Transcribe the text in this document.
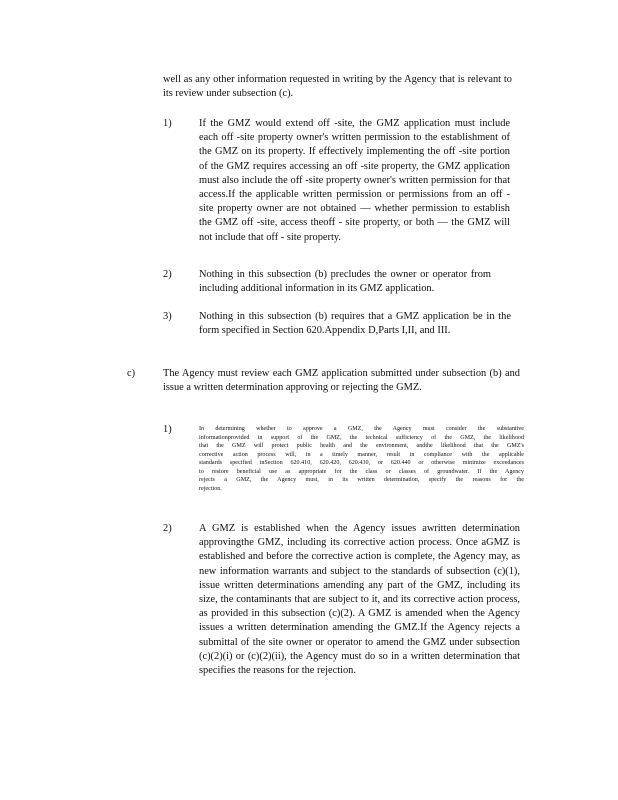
well as any other information requested in writing by the Agency that is relevant to its review under subsection (c).

1)	If the GMZ would extend off -site, the GMZ application must include each off -site property owner's written permission to the establishment of the GMZ on its property. If effectively implementing the off -site portion of the GMZ requires accessing an off -site property, the GMZ application must also include the off -site property owner's written permission for that access.If the applicable written permission or permissions from an off - site property owner are not obtained — whether permission to establish the GMZ off -site, access theoff - site property, or both — the GMZ will not include that off - site property.

2)	Nothing in this subsection (b) precludes the owner or operator from including additional information in its GMZ application.

3)	Nothing in this subsection (b) requires that a GMZ application be in the form specified in Section 620.Appendix D,Parts I,II, and III.

c)	The Agency must review each GMZ application submitted under subsection (b) and issue a written determination approving or rejecting the GMZ.

1)	In determining whether to approve a GMZ, the Agency must consider the substantive informationprovided in support of the GMZ, the technical sufficiency of the GMZ, the likelihood that the GMZ will protect public health and the environment, andthe likelihood that the GMZ's corrective action process will, in a timely manner, result in compliance with the applicable standards specified inSection 620.410, 620.420, 620.430, or 620.440 or otherwise minimize exceedances to restore beneficial use as appropriate for the class or classes of groundwater. If the Agency rejects a GMZ, the Agency must, in its written determination, specify the reasons for the rejection.

2)	A GMZ is established when the Agency issues awritten determination approvingthe GMZ, including its corrective action process. Once aGMZ is established and before the corrective action is complete, the Agency may, as new information warrants and subject to the standards of subsection (c)(1), issue written determinations amending any part of the GMZ, including its size, the contaminants that are subject to it, and its corrective action process, as provided in this subsection (c)(2). A GMZ is amended when the Agency issues a written determination amending the GMZ.If the Agency rejects a submittal of the site owner or operator to amend the GMZ under subsection (c)(2)(i) or (c)(2)(ii), the Agency must do so in a written determination that specifies the reasons for the rejection.
